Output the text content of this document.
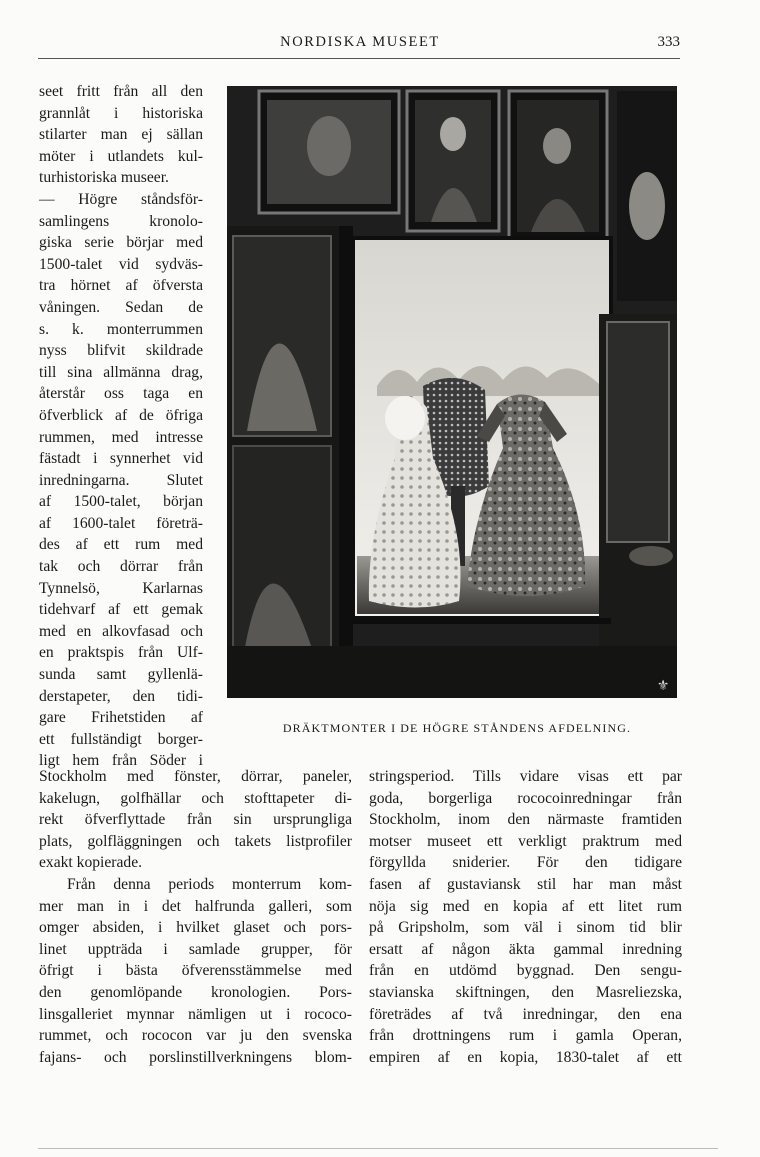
NORDISKA MUSEET	333
seet fritt från all den
grannlåt i historiska
stilarter man ej sällan
möter i utlandets kul-
turhistoriska museer.
— Högre ståndsför-
samlingens kronolo-
giska serie börjar med
1500-talet vid sydväs-
tra hörnet af öfversta
våningen. Sedan de
s. k. monterrummen
nyss blifvit skildrade
till sina allmänna drag,
återstår oss taga en
öfverblick af de öfriga
rummen, med intresse
fästadt i synnerhet vid
inredningarna. Slutet
af 1500-talet, början
af 1600-talet företrä-
des af ett rum med
tak och dörrar från
Tynnelsö, Karlarnas
tidehvarf af ett gemak
med en alkovfasad och
en praktspis från Ulf-
sunda samt gyllenlä-
derstapeter, den tidi-
gare Frihetstiden af
ett fullständigt borger-
ligt hem från Söder i
⚜
DRÄKTMONTER I DE HÖGRE STÅNDENS AFDELNING.
Stockholm med fönster, dörrar, paneler,
kakelugn, golfhällar och stofttapeter di-
rekt öfverflyttade från sin ursprungliga
plats, golfläggningen och takets listprofiler
exakt kopierade.
Från denna periods monterrum kom-
mer man in i det halfrunda galleri, som
omger absiden, i hvilket glaset och pors-
linet uppträda i samlade grupper, för
öfrigt i bästa öfverensstämmelse med
den genomlöpande kronologien. Pors-
linsgalleriet mynnar nämligen ut i rococo-
rummet, och rococon var ju den svenska
fajans- och porslinstillverkningens blom-
stringsperiod. Tills vidare visas ett par
goda, borgerliga rococoinredningar från
Stockholm, inom den närmaste framtiden
motser museet ett verkligt praktrum med
förgyllda sniderier. För den tidigare
fasen af gustaviansk stil har man måst
nöja sig med en kopia af ett litet rum
på Gripsholm, som väl i sinom tid blir
ersatt af någon äkta gammal inredning
från en utdömd byggnad. Den sengu-
stavianska skiftningen, den Masreliezska,
företrädes af två inredningar, den ena
från drottningens rum i gamla Operan,
empiren af en kopia, 1830-talet af ett
